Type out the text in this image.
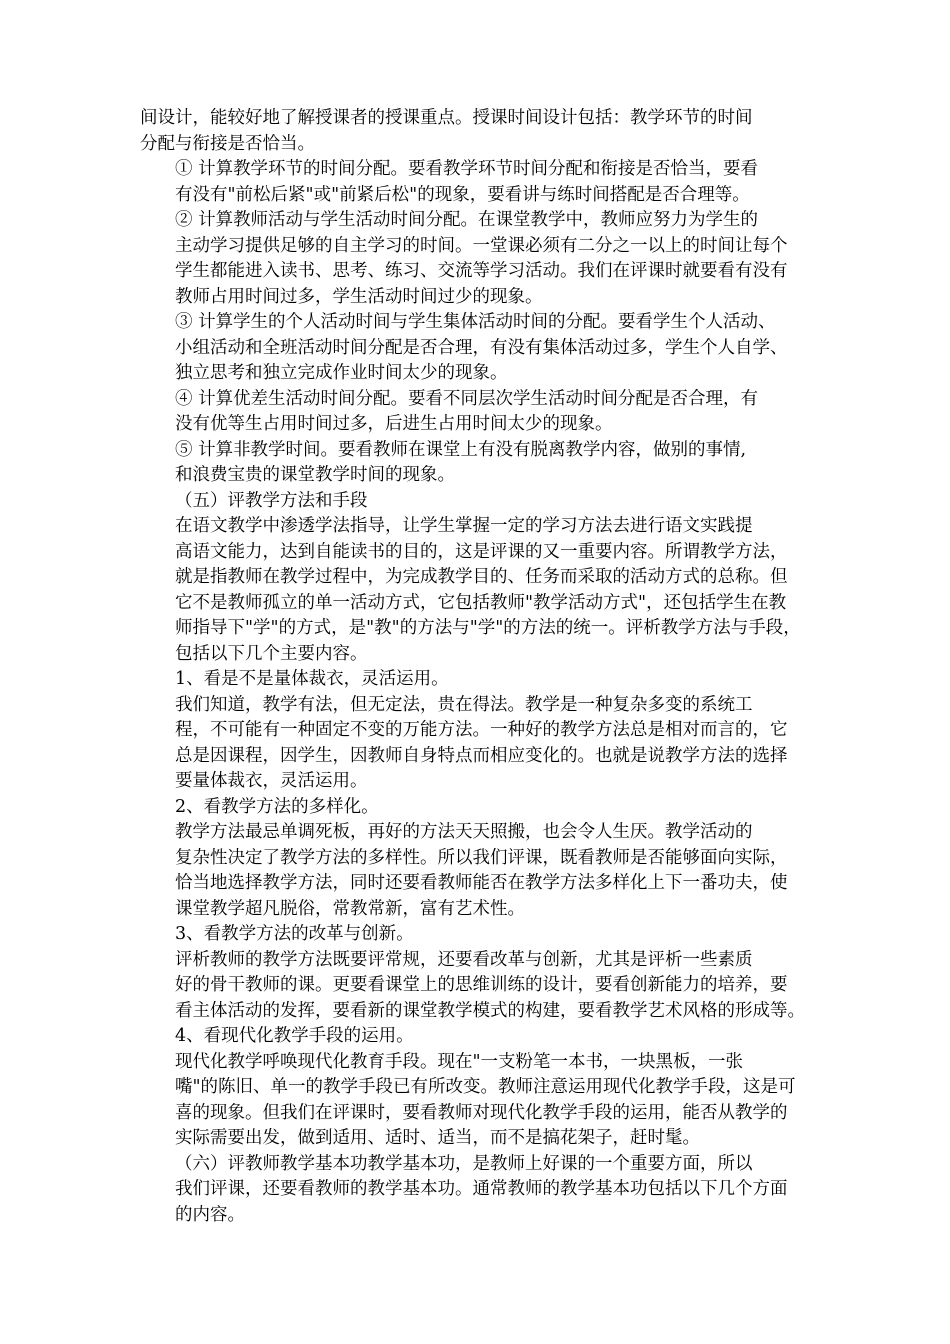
间设计，能较好地了解授课者的授课重点。授课时间设计包括：教学环节的时间
分配与衔接是否恰当。
① 计算教学环节的时间分配。要看教学环节时间分配和衔接是否恰当，要看
有没有"前松后紧"或"前紧后松"的现象，要看讲与练时间搭配是否合理等。
② 计算教师活动与学生活动时间分配。在课堂教学中，教师应努力为学生的
主动学习提供足够的自主学习的时间。一堂课必须有二分之一以上的时间让每个
学生都能进入读书、思考、练习、交流等学习活动。我们在评课时就要看有没有
教师占用时间过多，学生活动时间过少的现象。
③ 计算学生的个人活动时间与学生集体活动时间的分配。要看学生个人活动、
小组活动和全班活动时间分配是否合理，有没有集体活动过多，学生个人自学、
独立思考和独立完成作业时间太少的现象。
④ 计算优差生活动时间分配。要看不同层次学生活动时间分配是否合理，有
没有优等生占用时间过多，后进生占用时间太少的现象。
⑤ 计算非教学时间。要看教师在课堂上有没有脱离教学内容，做别的事情,
和浪费宝贵的课堂教学时间的现象。
（五）评教学方法和手段
在语文教学中渗透学法指导，让学生掌握一定的学习方法去进行语文实践提
高语文能力，达到自能读书的目的，这是评课的又一重要内容。所谓教学方法，
就是指教师在教学过程中，为完成教学目的、任务而采取的活动方式的总称。但
它不是教师孤立的单一活动方式，它包括教师"教学活动方式"，还包括学生在教
师指导下"学"的方式，是"教"的方法与"学"的方法的统一。评析教学方法与手段，
包括以下几个主要内容。
1、看是不是量体裁衣，灵活运用。
我们知道，教学有法，但无定法，贵在得法。教学是一种复杂多变的系统工
程，不可能有一种固定不变的万能方法。一种好的教学方法总是相对而言的，它
总是因课程，因学生，因教师自身特点而相应变化的。也就是说教学方法的选择
要量体裁衣，灵活运用。
2、看教学方法的多样化。
教学方法最忌单调死板，再好的方法天天照搬，也会令人生厌。教学活动的
复杂性决定了教学方法的多样性。所以我们评课，既看教师是否能够面向实际，
恰当地选择教学方法，同时还要看教师能否在教学方法多样化上下一番功夫，使
课堂教学超凡脱俗，常教常新，富有艺术性。
3、看教学方法的改革与创新。
评析教师的教学方法既要评常规，还要看改革与创新，尤其是评析一些素质
好的骨干教师的课。更要看课堂上的思维训练的设计，要看创新能力的培养，要
看主体活动的发挥，要看新的课堂教学模式的构建，要看教学艺术风格的形成等。
4、看现代化教学手段的运用。
现代化教学呼唤现代化教育手段。现在"一支粉笔一本书，一块黑板，一张
嘴"的陈旧、单一的教学手段已有所改变。教师注意运用现代化教学手段，这是可
喜的现象。但我们在评课时，要看教师对现代化教学手段的运用，能否从教学的
实际需要出发，做到适用、适时、适当，而不是搞花架子，赶时髦。
（六）评教师教学基本功教学基本功，是教师上好课的一个重要方面，所以
我们评课，还要看教师的教学基本功。通常教师的教学基本功包括以下几个方面
的内容。
